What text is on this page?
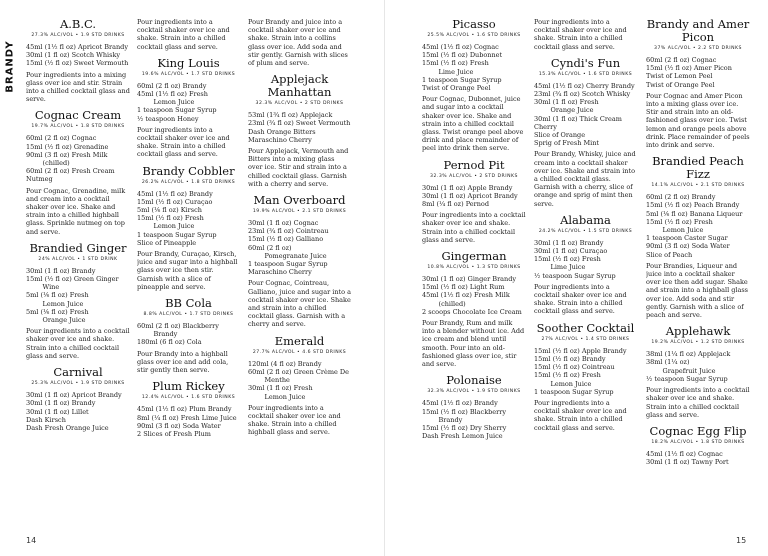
BRANDY
A.B.C.
27.3% ALC/VOL • 1.9 STD DRINKS
45ml (1½ fl oz) Apricot Brandy
30ml (1 fl oz) Scotch Whisky
15ml (½ fl oz) Sweet Vermouth
Pour ingredients into a mixing glass over ice and stir. Strain into a chilled cocktail glass and serve.
Cognac Cream
19.7% ALC/VOL • 1.8 STD DRINKS
60ml (2 fl oz) Cognac
15ml (½ fl oz) Grenadine
90ml (3 fl oz) Fresh Milk
(chilled)
60ml (2 fl oz) Fresh Cream
Nutmeg
Pour Cognac, Grenadine, milk and cream into a cocktail shaker over ice. Shake and strain into a chilled highball glass. Sprinkle nutmeg on top and serve.
Brandied Ginger
24% ALC/VOL • 1 STD DRINK
30ml (1 fl oz) Brandy
15ml (½ fl oz) Green Ginger
Wine
5ml (⅙ fl oz) Fresh
Lemon Juice
5ml (⅙ fl oz) Fresh
Orange Juice
Pour ingredients into a cocktail shaker over ice and shake. Strain into a chilled cocktail glass and serve.
Carnival
25.3% ALC/VOL • 1.9 STD DRINKS
30ml (1 fl oz) Apricot Brandy
30ml (1 fl oz) Brandy
30ml (1 fl oz) Lillet
Dash Kirsch
Dash Fresh Orange Juice
Pour ingredients into a cocktail shaker over ice and shake. Strain into a chilled cocktail glass and serve.
King Louis
19.6% ALC/VOL • 1.7 STD DRINKS
60ml (2 fl oz) Brandy
45ml (1½ fl oz) Fresh
Lemon Juice
1 teaspoon Sugar Syrup
½ teaspoon Honey
Pour ingredients into a cocktail shaker over ice and shake. Strain into a chilled cocktail glass and serve.
Brandy Cobbler
26.2% ALC/VOL • 1.8 STD DRINKS
45ml (1½ fl oz) Brandy
15ml (½ fl oz) Curaçao
5ml (⅙ fl oz) Kirsch
15ml (½ fl oz) Fresh
Lemon Juice
1 teaspoon Sugar Syrup
Slice of Pineapple
Pour Brandy, Curaçao, Kirsch, juice and sugar into a highball glass over ice then stir. Garnish with a slice of pineapple and serve.
BB Cola
8.8% ALC/VOL • 1.7 STD DRINKS
60ml (2 fl oz) Blackberry
Brandy
180ml (6 fl oz) Cola
Pour Brandy into a highball glass over ice and add cola, stir gently then serve.
Plum Rickey
12.4% ALC/VOL • 1.6 STD DRINKS
45ml (1½ fl oz) Plum Brandy
8ml (¼ fl oz) Fresh Lime Juice
90ml (3 fl oz) Soda Water
2 Slices of Fresh Plum
Pour Brandy and juice into a cocktail shaker over ice and shake. Strain into a collins glass over ice. Add soda and stir gently. Garnish with slices of plum and serve.
Applejack
Manhattan
32.3% ALC/VOL • 2 STD DRINKS
53ml (1¾ fl oz) Applejack
23ml (¾ fl oz) Sweet Vermouth
Dash Orange Bitters
Maraschino Cherry
Pour Applejack, Vermouth and Bitters into a mixing glass over ice. Stir and strain into a chilled cocktail glass. Garnish with a cherry and serve.
Man Overboard
19.9% ALC/VOL • 2.1 STD DRINKS
30ml (1 fl oz) Cognac
23ml (¾ fl oz) Cointreau
15ml (½ fl oz) Galliano
60ml (2 fl oz)
Pomegranate Juice
1 teaspoon Sugar Syrup
Maraschino Cherry
Pour Cognac, Cointreau, Galliano, juice and sugar into a cocktail shaker over ice. Shake and strain into a chilled cocktail glass. Garnish with a cherry and serve.
Emerald
27.7% ALC/VOL • 4.6 STD DRINKS
120ml (4 fl oz) Brandy
60ml (2 fl oz) Green Crème De
Menthe
30ml (1 fl oz) Fresh
Lemon Juice
Pour ingredients into a cocktail shaker over ice and shake. Strain into a chilled highball glass and serve.
Picasso
25.5% ALC/VOL • 1.6 STD DRINKS
45ml (1½ fl oz) Cognac
15ml (½ fl oz) Dubonnet
15ml (½ fl oz) Fresh
Lime Juice
1 teaspoon Sugar Syrup
Twist of Orange Peel
Pour Cognac, Dubonnet, juice and sugar into a cocktail shaker over ice. Shake and strain into a chilled cocktail glass. Twist orange peel above drink and place remainder of peel into drink then serve.
Pernod Pit
32.3% ALC/VOL • 2 STD DRINKS
30ml (1 fl oz) Apple Brandy
30ml (1 fl oz) Apricot Brandy
8ml (¼ fl oz) Pernod
Pour ingredients into a cocktail shaker over ice and shake. Strain into a chilled cocktail glass and serve.
Gingerman
10.8% ALC/VOL • 1.3 STD DRINKS
30ml (1 fl oz) Ginger Brandy
15ml (½ fl oz) Light Rum
45ml (1½ fl oz) Fresh Milk
(chilled)
2 scoops Chocolate Ice Cream
Pour Brandy, Rum and milk into a blender without ice. Add ice cream and blend until smooth. Pour into an old-fashioned glass over ice, stir and serve.
Polonaise
32.3% ALC/VOL • 1.9 STD DRINKS
45ml (1½ fl oz) Brandy
15ml (½ fl oz) Blackberry
Brandy
15ml (½ fl oz) Dry Sherry
Dash Fresh Lemon Juice
Pour ingredients into a cocktail shaker over ice and shake. Strain into a chilled cocktail glass and serve.
Cyndi's Fun
15.3% ALC/VOL • 1.6 STD DRINKS
45ml (1½ fl oz) Cherry Brandy
23ml (¾ fl oz) Scotch Whisky
30ml (1 fl oz) Fresh
Orange Juice
30ml (1 fl oz) Thick Cream
Cherry
Slice of Orange
Sprig of Fresh Mint
Pour Brandy, Whisky, juice and cream into a cocktail shaker over ice. Shake and strain into a chilled cocktail glass. Garnish with a cherry, slice of orange and sprig of mint then serve.
Alabama
24.2% ALC/VOL • 1.5 STD DRINKS
30ml (1 fl oz) Brandy
30ml (1 fl oz) Curaçao
15ml (½ fl oz) Fresh
Lime Juice
½ teaspoon Sugar Syrup
Pour ingredients into a cocktail shaker over ice and shake. Strain into a chilled cocktail glass and serve.
Soother Cocktail
27% ALC/VOL • 1.4 STD DRINKS
15ml (½ fl oz) Apple Brandy
15ml (½ fl oz) Brandy
15ml (½ fl oz) Cointreau
15ml (½ fl oz) Fresh
Lemon Juice
1 teaspoon Sugar Syrup
Pour ingredients into a cocktail shaker over ice and shake. Strain into a chilled cocktail glass and serve.
Brandy and Amer
Picon
37% ALC/VOL • 2.2 STD DRINKS
60ml (2 fl oz) Cognac
15ml (½ fl oz) Amer Picon
Twist of Lemon Peel
Twist of Orange Peel
Pour Cognac and Amer Picon into a mixing glass over ice. Stir and strain into an old-fashioned glass over ice. Twist lemon and orange peels above drink. Place remainder of peels into drink and serve.
Brandied Peach Fizz
14.1% ALC/VOL • 2.1 STD DRINKS
60ml (2 fl oz) Brandy
15ml (½ fl oz) Peach Brandy
5ml (⅙ fl oz) Banana Liqueur
15ml (½ fl oz) Fresh
Lemon Juice
1 teaspoon Caster Sugar
90ml (3 fl oz) Soda Water
Slice of Peach
Pour Brandies, Liqueur and juice into a cocktail shaker over ice then add sugar. Shake and strain into a highball glass over ice. Add soda and stir gently. Garnish with a slice of peach and serve.
Applehawk
19.2% ALC/VOL • 1.2 STD DRINKS
38ml (1¼ fl oz) Applejack
38ml (1¼ oz)
Grapefruit Juice
½ teaspoon Sugar Syrup
Pour ingredients into a cocktail shaker over ice and shake. Strain into a chilled cocktail glass and serve.
Cognac Egg Flip
18.2% ALC/VOL • 1.8 STD DRINKS
45ml (1½ fl oz) Cognac
30ml (1 fl oz) Tawny Port
14	15
